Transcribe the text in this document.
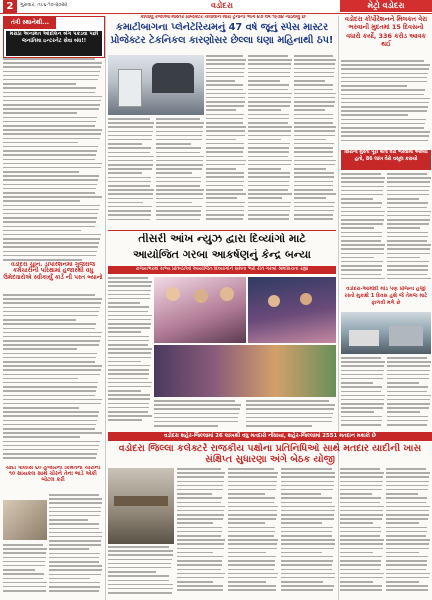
2	ગુરુવાર, તા.૬-૧૦-૨૦૨૨	વડોદરા	મેટ્રો વડોદરા
તંત્રી સ્થાનેથી...
મરાઠા અનામત આંદોલન બેગ પકડવા પછી જનાંતિમા ઇન્ટરનેટ સેવા બંધ!!
વડોદરા ચુનિ. ડાંપોરેશનમાં ગુજરાજ કર્મચારીની પરિક્ષામાં હજારથી વધુ ઉમેદવારોએ સ્વીકાર્યું કાર્ડ ની પરત બ્યાનો
ચાંદી પોલીસે ૬૦ હજારની કિંમતના ચોરીની ૧૦ સાયકલ સાથે ચોરને તેના ભાડે એકી બોટલ કરી
કાલાલુ રજાઓ માસ્તર પ્રોજેક્ટર ચલાવીને મારા ટ્રેનોની ભાગ ૪૭ વર્ષે ૧૯૭૪ ગોઠવણું છે
કમાટીબાગના પ્લેનેટેરિયમનું 47 વર્ષ જૂનું સ્પેસ માસ્ટર પ્રોજેક્ટર ટેકનિકલ કારણોસર છેલ્લા ઘણા મહિનાથી ઠપ!
તીસરી આંખ ન્યુઝ દ્વારા દિવ્યાંગો માટે
આયોજિત ગરબા આકર્ષણનું કેન્દ્ર બન્યા
રાજ્યભરમાં સભ્ય પ્રતિષ્ઠાઓ આયોજિત દિવ્યાંગોને સમતા ભરી રીતે ગરબો શ્રમસિંચતા રહ્યા
વડોદરા શહેર-જિલ્લામાં 26 લાખથી વધુ મતદારો નોંધાયા, શહેર-જિલ્લામાં 2551 મતદાન મથકો છે
વડોદરા જિલ્લા કલેક્ટરે રાજકીય પક્ષોના પ્રતિનિધિઓ સાથે મતદાર યાદીની ખાસ સંક્ષિપ્ત સુધારણા અંગે બેઠક યોજી
વડોદરા કોર્પોરેશનને મિલકત વેરા ભરવાની મુદતમાં 15 દિવસનો વધારો કર્યો, 336 કરોડ આવક થઈ
સિરાનો મુસ્તા પૂરી થતા વેરો ભરવામાં આવ્યો હતો, 86 લાખ વેરો વસૂલ કરાયો
વડોદરા-આમોદી માંડ પણ પ્રોજ્ના હજી રસ્તો મુકાશે 1 દિવસ હશે જે તેમજ માટે ફાળવી મળે છે
